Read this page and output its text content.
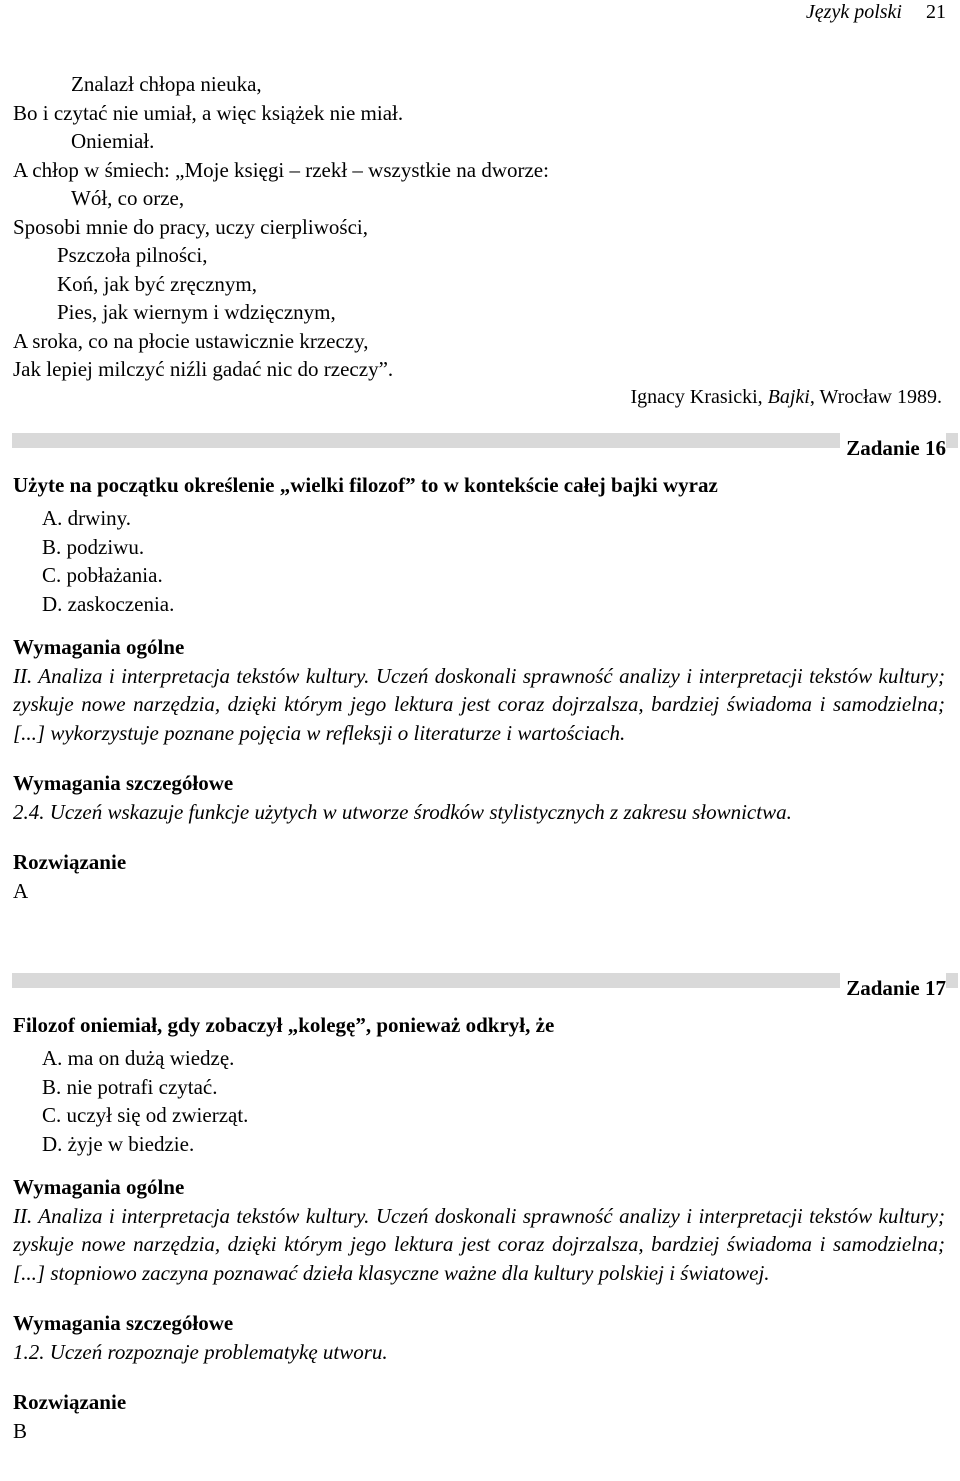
Język polski 21
Znalazł chłopa nieuka,
Bo i czytać nie umiał, a więc książek nie miał.
Oniemiał.
A chłop w śmiech: „Moje księgi – rzekł – wszystkie na dworze:
Wół, co orze,
Sposobi mnie do pracy, uczy cierpliwości,
Pszczoła pilności,
Koń, jak być zręcznym,
Pies, jak wiernym i wdzięcznym,
A sroka, co na płocie ustawicznie krzeczy,
Jak lepiej milczyć niźli gadać nic do rzeczy”.
Ignacy Krasicki, Bajki, Wrocław 1989.
Zadanie 16
Użyte na początku określenie „wielki filozof” to w kontekście całej bajki wyraz
A. drwiny.
B. podziwu.
C. pobłażania.
D. zaskoczenia.
Wymagania ogólne
II. Analiza i interpretacja tekstów kultury. Uczeń doskonali sprawność analizy i interpretacji tekstów kultury; zyskuje nowe narzędzia, dzięki którym jego lektura jest coraz dojrzalsza, bardziej świadoma i samodzielna; [...] wykorzystuje poznane pojęcia w refleksji o literaturze i wartościach.
Wymagania szczegółowe
2.4. Uczeń wskazuje funkcje użytych w utworze środków stylistycznych z zakresu słownictwa.
Rozwiązanie
A
Zadanie 17
Filozof oniemiał, gdy zobaczył „kolegę”, ponieważ odkrył, że
A. ma on dużą wiedzę.
B. nie potrafi czytać.
C. uczył się od zwierząt.
D. żyje w biedzie.
Wymagania ogólne
II. Analiza i interpretacja tekstów kultury. Uczeń doskonali sprawność analizy i interpretacji tekstów kultury; zyskuje nowe narzędzia, dzięki którym jego lektura jest coraz dojrzalsza, bardziej świadoma i samodzielna; [...] stopniowo zaczyna poznawać dzieła klasyczne ważne dla kultury polskiej i światowej.
Wymagania szczegółowe
1.2. Uczeń rozpoznaje problematykę utworu.
Rozwiązanie
B
